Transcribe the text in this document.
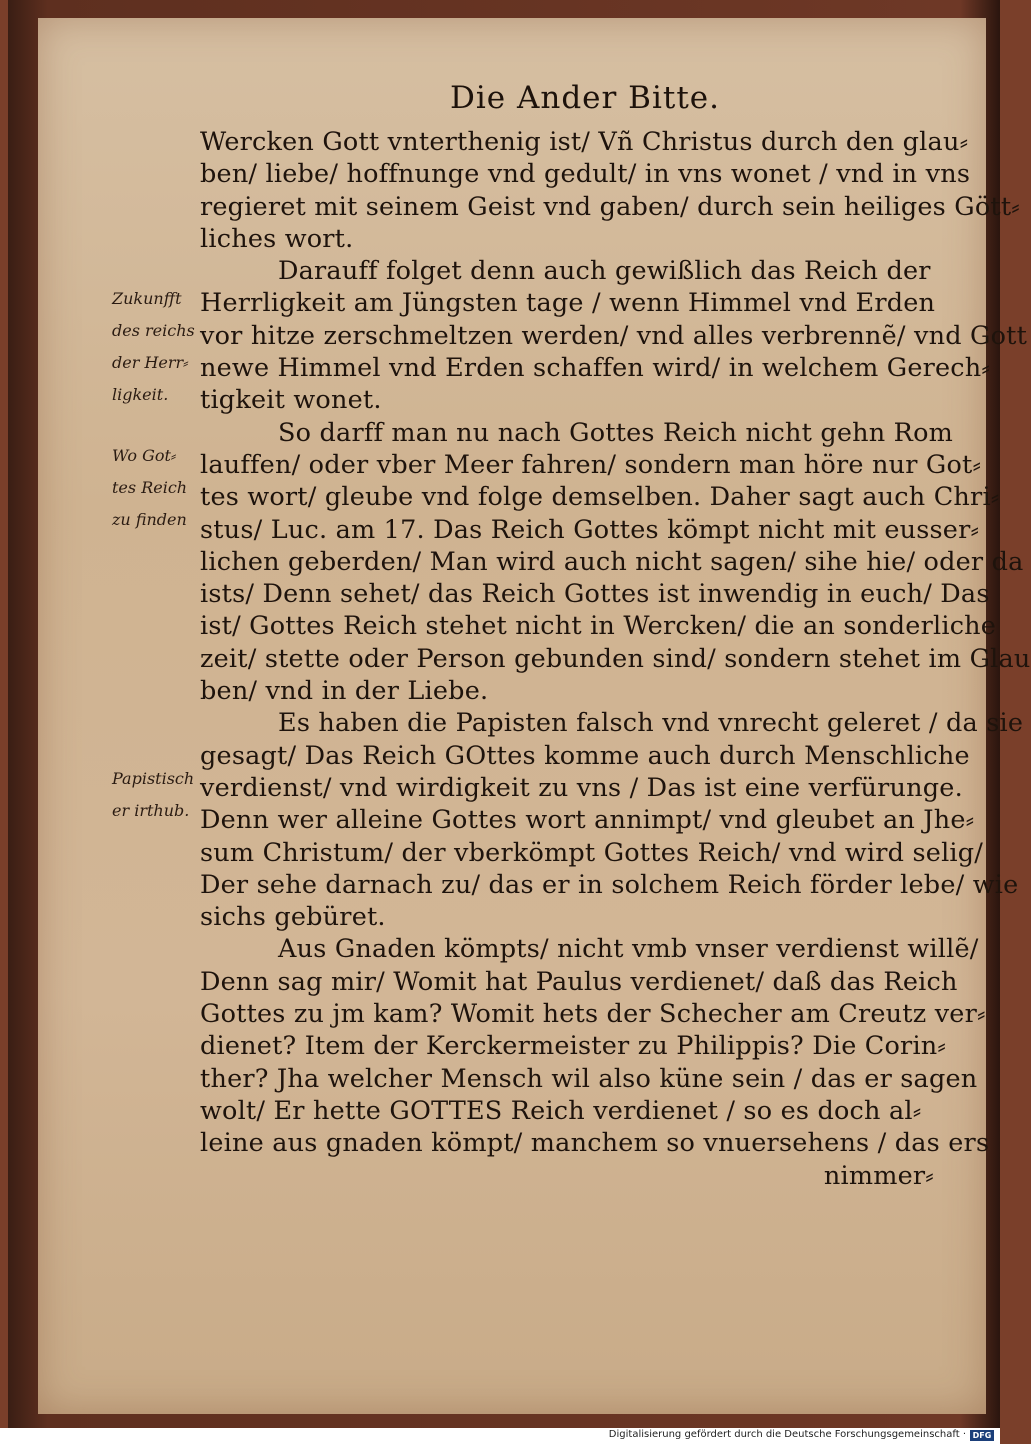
Die Ander Bitte.
Wercken Gott vnterthenig ist/ Vñ Christus durch den glau⸗
ben/ liebe/ hoffnunge vnd gedult/ in vns wonet / vnd in vns
regieret mit seinem Geist vnd gaben/ durch sein heiliges Gött⸗
liches wort.
Darauff folget denn auch gewißlich das Reich der
Herrligkeit am Jüngsten tage / wenn Himmel vnd Erden
vor hitze zerschmeltzen werden/ vnd alles verbrennẽ/ vnd Gott
newe Himmel vnd Erden schaffen wird/ in welchem Gerech⸗
tigkeit wonet.
So darff man nu nach Gottes Reich nicht gehn Rom
lauffen/ oder vber Meer fahren/ sondern man höre nur Got⸗
tes wort/ gleube vnd folge demselben. Daher sagt auch Chri⸗
stus/ Luc. am 17. Das Reich Gottes kömpt nicht mit eusser⸗
lichen geberden/ Man wird auch nicht sagen/ sihe hie/ oder da
ists/ Denn sehet/ das Reich Gottes ist inwendig in euch/ Das
ist/ Gottes Reich stehet nicht in Wercken/ die an sonderliche
zeit/ stette oder Person gebunden sind/ sondern stehet im Glau
ben/ vnd in der Liebe.
Es haben die Papisten falsch vnd vnrecht geleret / da sie
gesagt/ Das Reich GOttes komme auch durch Menschliche
verdienst/ vnd wirdigkeit zu vns / Das ist eine verfürunge.
Denn wer alleine Gottes wort annimpt/ vnd gleubet an Jhe⸗
sum Christum/ der vberkömpt Gottes Reich/ vnd wird selig/
Der sehe darnach zu/ das er in solchem Reich förder lebe/ wie
sichs gebüret.
Aus Gnaden kömpts/ nicht vmb vnser verdienst willẽ/
Denn sag mir/ Womit hat Paulus verdienet/ daß das Reich
Gottes zu jm kam? Womit hets der Schecher am Creutz ver⸗
dienet? Item der Kerckermeister zu Philippis? Die Corin⸗
ther? Jha welcher Mensch wil also küne sein / das er sagen
wolt/ Er hette GOTTES Reich verdienet / so es doch al⸗
leine aus gnaden kömpt/ manchem so vnuersehens / das ers
nimmer⸗
Zukunfft
des reichs
der Herr⸗
ligkeit.
Wo Got⸗
tes Reich
zu finden
Papistisch
er irthub.
Digitalisierung gefördert durch die Deutsche Forschungsgemeinschaft · DFG
